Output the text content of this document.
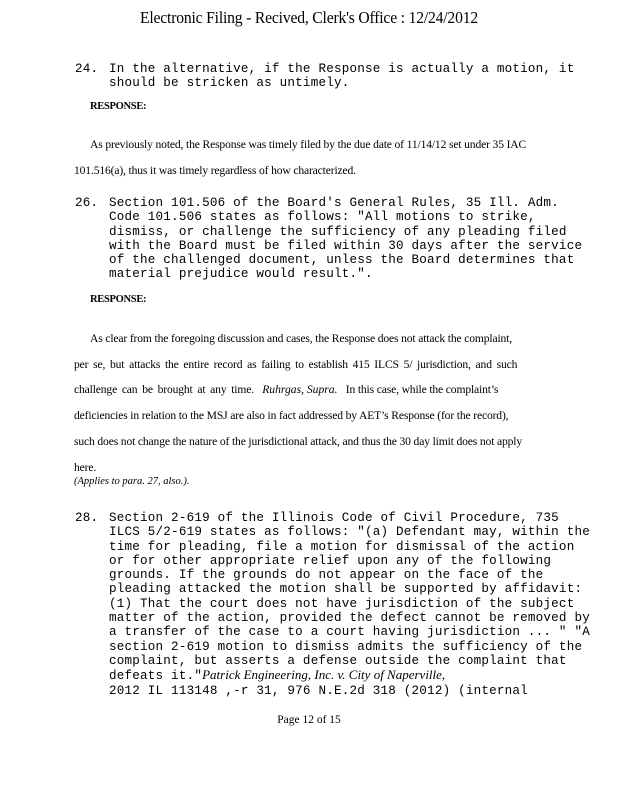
Electronic Filing - Recived, Clerk's Office : 12/24/2012
24. In the alternative, if the Response is actually a motion, it
should be stricken as untimely.
RESPONSE:

As previously noted, the Response was timely filed by the due date of 11/14/12 set under 35 IAC

101.516(a), thus it was timely regardless of how characterized.

26. Section 101.506 of the Board's General Rules, 35 Ill. Adm.
Code 101.506 states as follows: "All motions to strike,
dismiss, or challenge the sufficiency of any pleading filed
with the Board must be filed within 30 days after the service
of the challenged document, unless the Board determines that
material prejudice would result.".
RESPONSE:

As clear from the foregoing discussion and cases, the Response does not attack the complaint,

per se, but attacks the entire record as failing to establish 415 ILCS 5/ jurisdiction, and such

challenge can be brought at any time. Ruhrgas, Supra. In this case, while the complaint’s

deficiencies in relation to the MSJ are also in fact addressed by AET’s Response (for the record),

such does not change the nature of the jurisdictional attack, and thus the 30 day limit does not apply

here.

(Applies to para. 27, also.).
28. Section 2-619 of the Illinois Code of Civil Procedure, 735
ILCS 5/2-619 states as follows: "(a) Defendant may, within the
time for pleading, file a motion for dismissal of the action
or for other appropriate relief upon any of the following
grounds. If the grounds do not appear on the face of the
pleading attacked the motion shall be supported by affidavit:
(1) That the court does not have jurisdiction of the subject
matter of the action, provided the defect cannot be removed by
a transfer of the case to a court having jurisdiction ... " "A
section 2-619 motion to dismiss admits the sufficiency of the
complaint, but asserts a defense outside the complaint that
defeats it."Patrick Engineering, Inc. v. City of Naperville,
2012 IL 113148 ,-r 31, 976 N.E.2d 318 (2012) (internal
Page 12 of 15
